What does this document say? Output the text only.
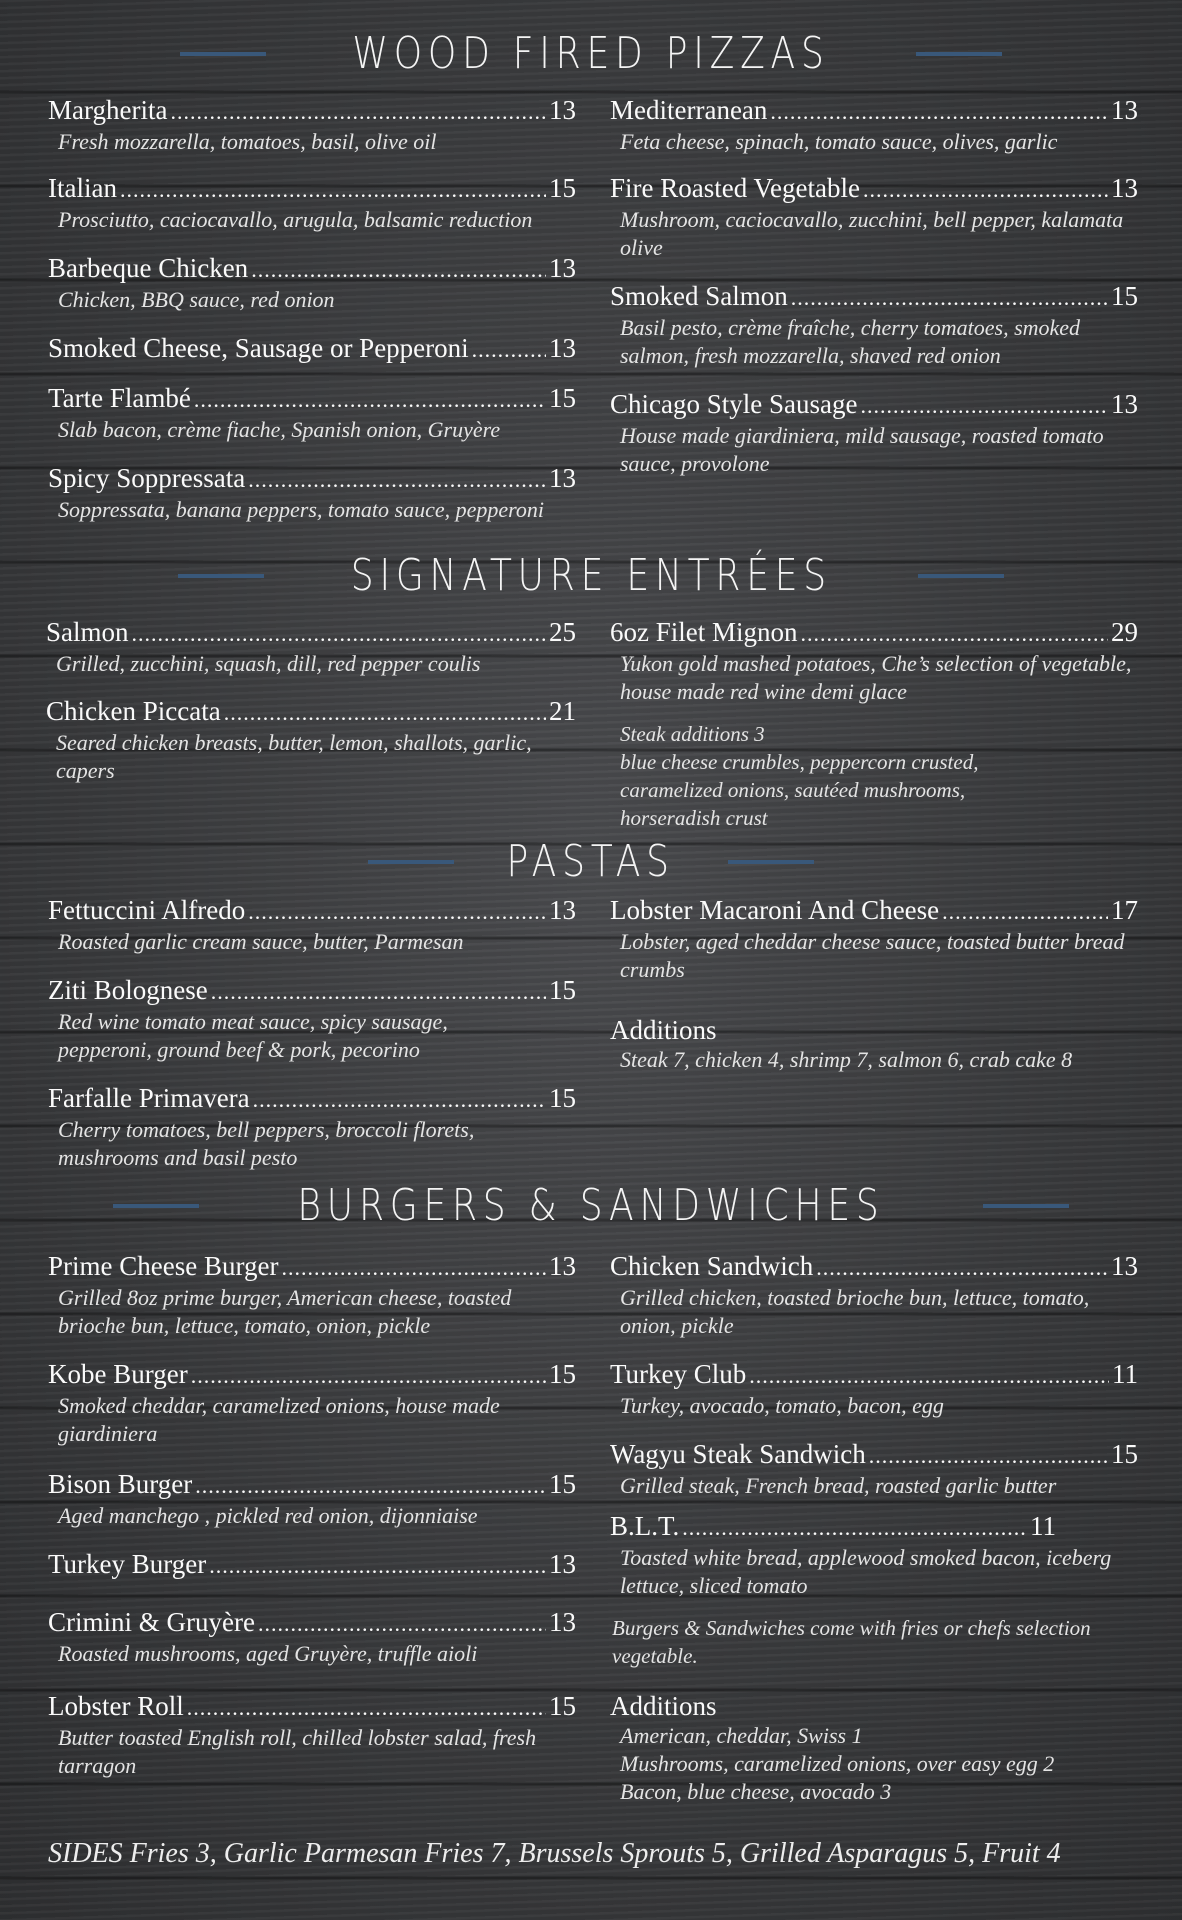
WOOD FIRED PIZZAS
SIGNATURE ENTRÉES
PASTAS
BURGERS & SANDWICHES
Margherita .....	13
Fresh mozzarella, tomatoes, basil, olive oil
Italian .....	15
Prosciutto, caciocavallo, arugula, balsamic reduction
Barbeque Chicken .....	13
Chicken, BBQ sauce, red onion
Smoked Cheese, Sausage or Pepperoni .....	13
Tarte Flambé .....	15
Slab bacon, crème fiache, Spanish onion, Gruyère
Spicy Soppressata .....	13
Soppressata, banana peppers, tomato sauce, pepperoni
Mediterranean .....	13
Feta cheese, spinach, tomato sauce, olives, garlic
Fire Roasted Vegetable .....	13
Mushroom, caciocavallo, zucchini, bell pepper, kalamata olive
Smoked Salmon .....	15
Basil pesto, crème fraîche, cherry tomatoes, smoked salmon, fresh mozzarella, shaved red onion
Chicago Style Sausage .....	13
House made giardiniera, mild sausage, roasted tomato sauce, provolone
Salmon .....	25
Grilled, zucchini, squash, dill, red pepper coulis
Chicken Piccata .....	21
Seared chicken breasts, butter, lemon, shallots, garlic, capers
6oz Filet Mignon .....	29
Yukon gold mashed potatoes, Che’s selection of vegetable, house made red wine demi glace
Steak additions 3
blue cheese crumbles, peppercorn crusted, caramelized onions, sautéed mushrooms, horseradish crust
Fettuccini Alfredo .....	13
Roasted garlic cream sauce, butter, Parmesan
Ziti Bolognese .....	15
Red wine tomato meat sauce, spicy sausage, pepperoni, ground beef & pork, pecorino
Farfalle Primavera .....	15
Cherry tomatoes, bell peppers, broccoli florets, mushrooms and basil pesto
Lobster Macaroni And Cheese .....	17
Lobster, aged cheddar cheese sauce, toasted butter bread crumbs
Additions
Steak 7, chicken 4, shrimp 7, salmon 6, crab cake 8
Prime Cheese Burger .....	13
Grilled 8oz prime burger, American cheese, toasted brioche bun, lettuce, tomato, onion, pickle
Kobe Burger .....	15
Smoked cheddar, caramelized onions, house made giardiniera
Bison Burger .....	15
Aged manchego , pickled red onion, dijonniaise
Turkey Burger .....	13
Crimini & Gruyère .....	13
Roasted mushrooms, aged Gruyère, truffle aioli
Lobster Roll .....	15
Butter toasted English roll, chilled lobster salad, fresh tarragon
Chicken Sandwich .....	13
Grilled chicken, toasted brioche bun, lettuce, tomato, onion, pickle
Turkey Club .....	11
Turkey, avocado, tomato, bacon, egg
Wagyu Steak Sandwich .....	15
Grilled steak, French bread, roasted garlic butter
B.L.T. .....	11
Toasted white bread, applewood smoked bacon, iceberg lettuce, sliced tomato
Burgers & Sandwiches come with fries or chefs selection vegetable.
Additions
American, cheddar, Swiss 1
Mushrooms, caramelized onions, over easy egg 2
Bacon, blue cheese, avocado 3
SIDES Fries 3, Garlic Parmesan Fries 7, Brussels Sprouts 5, Grilled Asparagus 5, Fruit 4
